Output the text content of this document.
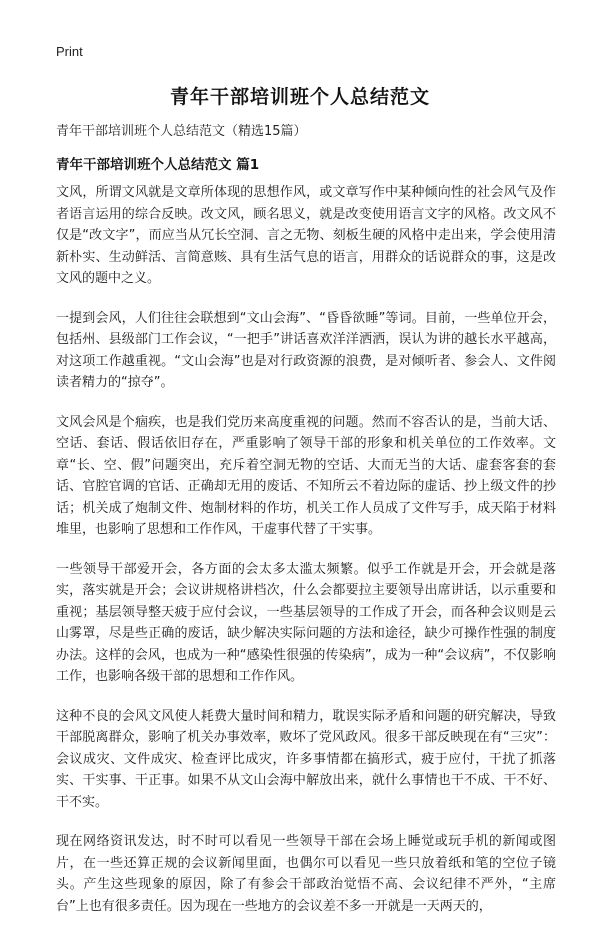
Print
青年干部培训班个人总结范文
青年干部培训班个人总结范文（精选15篇）
青年干部培训班个人总结范文 篇1

文风，所谓文风就是文章所体现的思想作风，或文章写作中某种倾向性的社会风气及作者语言运用的综合反映。改文风，顾名思义，就是改变使用语言文字的风格。改文风不仅是“改文字”，而应当从冗长空洞、言之无物、刻板生硬的风格中走出来，学会使用清新朴实、生动鲜活、言简意赅、具有生活气息的语言，用群众的话说群众的事，这是改文风的题中之义。

一提到会风，人们往往会联想到“文山会海”、“昏昏欲睡”等词。目前，一些单位开会，包括州、县级部门工作会议，“一把手”讲话喜欢洋洋洒洒，误认为讲的越长水平越高，对这项工作越重视。“文山会海”也是对行政资源的浪费，是对倾听者、参会人、文件阅读者精力的“掠夺”。

文风会风是个痼疾，也是我们党历来高度重视的问题。然而不容否认的是，当前大话、空话、套话、假话依旧存在，严重影响了领导干部的形象和机关单位的工作效率。文章“长、空、假”问题突出，充斥着空洞无物的空话、大而无当的大话、虚套客套的套话、官腔官调的官话、正确却无用的废话、不知所云不着边际的虚话、抄上级文件的抄话；机关成了炮制文件、炮制材料的作坊，机关工作人员成了文件写手，成天陷于材料堆里，也影响了思想和工作作风，干虚事代替了干实事。

一些领导干部爱开会，各方面的会太多太滥太频繁。似乎工作就是开会，开会就是落实，落实就是开会；会议讲规格讲档次，什么会都要拉主要领导出席讲话，以示重要和重视；基层领导整天疲于应付会议，一些基层领导的工作成了开会，而各种会议则是云山雾罩，尽是些正确的废话，缺少解决实际问题的方法和途径，缺少可操作性强的制度办法。这样的会风，也成为一种“感染性很强的传染病”，成为一种“会议病”，不仅影响工作，也影响各级干部的思想和工作作风。

这种不良的会风文风使人耗费大量时间和精力，耽误实际矛盾和问题的研究解决，导致干部脱离群众，影响了机关办事效率，败坏了党风政风。很多干部反映现在有“三灾”：会议成灾、文件成灾、检查评比成灾，许多事情都在搞形式，疲于应付，干扰了抓落实、干实事、干正事。如果不从文山会海中解放出来，就什么事情也干不成、干不好、干不实。

现在网络资讯发达，时不时可以看见一些领导干部在会场上睡觉或玩手机的新闻或图片，在一些还算正规的会议新闻里面，也偶尔可以看见一些只放着纸和笔的空位子镜头。产生这些现象的原因，除了有参会干部政治觉悟不高、会议纪律不严外，“主席台”上也有很多责任。因为现在一些地方的会议差不多一开就是一天两天的，
